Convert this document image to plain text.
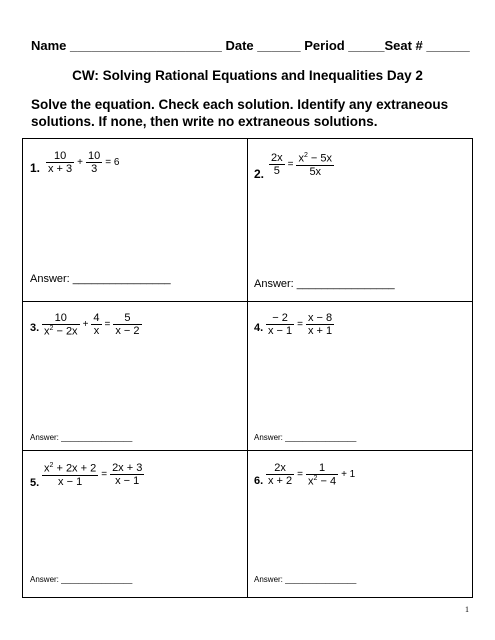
Name _____________________ Date ______ Period _____Seat # ______
CW: Solving Rational Equations and Inequalities Day 2
Solve the equation. Check each solution. Identify any extraneous solutions. If none, then write no extraneous solutions.
1. $\frac{10}{x + 3} + \frac{10}{3} = 6$
Answer: ________________
2. $\frac{2x}{5} = \frac{x^2 - 5x}{5x}$
Answer: ________________
3. $\frac{10}{x^2 - 2x} + \frac{4}{x} = \frac{5}{x - 2}$
Answer: ________________
4. $\frac{- 2}{x - 1} = \frac{x - 8}{x + 1}$
Answer: ________________
5. $\frac{x^2 + 2x + 2}{x - 1} = \frac{2x + 3}{x - 1}$
Answer: ________________
6. $\frac{2x}{x + 2} = \frac{1}{x^2 - 4} + 1$
Answer: ________________
1
